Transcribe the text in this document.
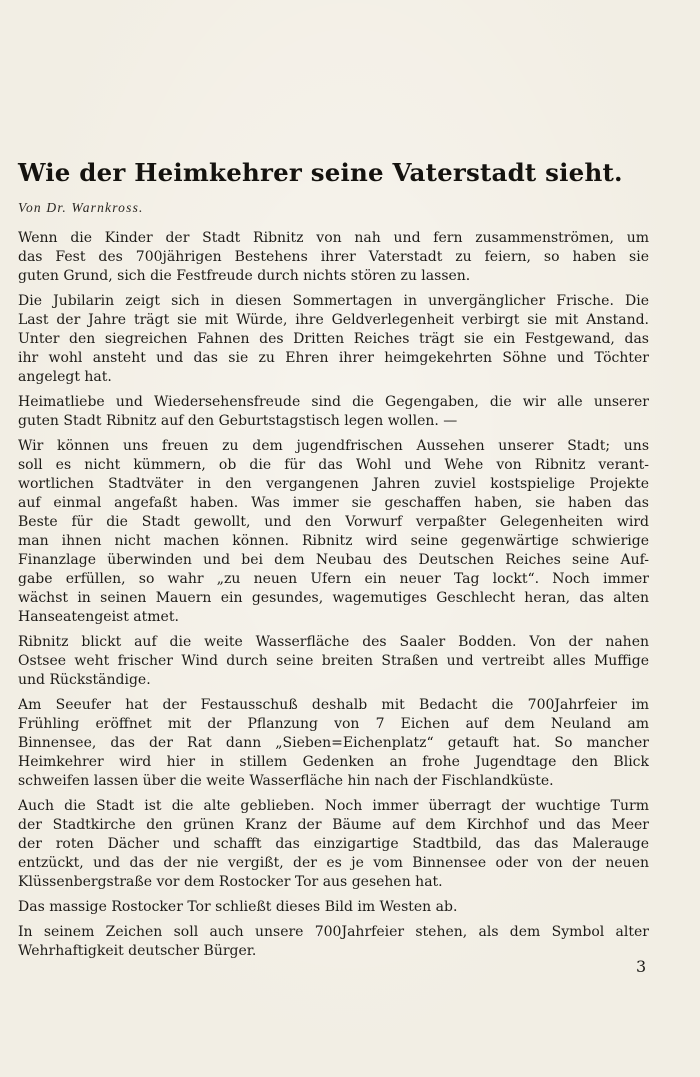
Wie der Heimkehrer seine Vaterstadt sieht.

Von Dr. Warnkross.

Wenn die Kinder der Stadt Ribnitz von nah und fern zusammenströmen, um
das Fest des 700jährigen Bestehens ihrer Vaterstadt zu feiern, so haben sie
guten Grund, sich die Festfreude durch nichts stören zu lassen.
Die Jubilarin zeigt sich in diesen Sommertagen in unvergänglicher Frische. Die
Last der Jahre trägt sie mit Würde, ihre Geldverlegenheit verbirgt sie mit Anstand.
Unter den siegreichen Fahnen des Dritten Reiches trägt sie ein Festgewand, das
ihr wohl ansteht und das sie zu Ehren ihrer heimgekehrten Söhne und Töchter
angelegt hat.
Heimatliebe und Wiedersehensfreude sind die Gegengaben, die wir alle unserer
guten Stadt Ribnitz auf den Geburtstagstisch legen wollen. —
Wir können uns freuen zu dem jugendfrischen Aussehen unserer Stadt; uns
soll es nicht kümmern, ob die für das Wohl und Wehe von Ribnitz verant-
wortlichen Stadtväter in den vergangenen Jahren zuviel kostspielige Projekte
auf einmal angefaßt haben. Was immer sie geschaffen haben, sie haben das
Beste für die Stadt gewollt, und den Vorwurf verpaßter Gelegenheiten wird
man ihnen nicht machen können. Ribnitz wird seine gegenwärtige schwierige
Finanzlage überwinden und bei dem Neubau des Deutschen Reiches seine Auf-
gabe erfüllen, so wahr „zu neuen Ufern ein neuer Tag lockt“. Noch immer
wächst in seinen Mauern ein gesundes, wagemutiges Geschlecht heran, das alten
Hanseatengeist atmet.
Ribnitz blickt auf die weite Wasserfläche des Saaler Bodden. Von der nahen
Ostsee weht frischer Wind durch seine breiten Straßen und vertreibt alles Muffige
und Rückständige.
Am Seeufer hat der Festausschuß deshalb mit Bedacht die 700Jahrfeier im
Frühling eröffnet mit der Pflanzung von 7 Eichen auf dem Neuland am
Binnensee, das der Rat dann „Sieben=Eichenplatz“ getauft hat. So mancher
Heimkehrer wird hier in stillem Gedenken an frohe Jugendtage den Blick
schweifen lassen über die weite Wasserfläche hin nach der Fischlandküste.
Auch die Stadt ist die alte geblieben. Noch immer überragt der wuchtige Turm
der Stadtkirche den grünen Kranz der Bäume auf dem Kirchhof und das Meer
der roten Dächer und schafft das einzigartige Stadtbild, das das Malerauge
entzückt, und das der nie vergißt, der es je vom Binnensee oder von der neuen
Klüssenbergstraße vor dem Rostocker Tor aus gesehen hat.
Das massige Rostocker Tor schließt dieses Bild im Westen ab.
In seinem Zeichen soll auch unsere 700Jahrfeier stehen, als dem Symbol alter
Wehrhaftigkeit deutscher Bürger.

3
